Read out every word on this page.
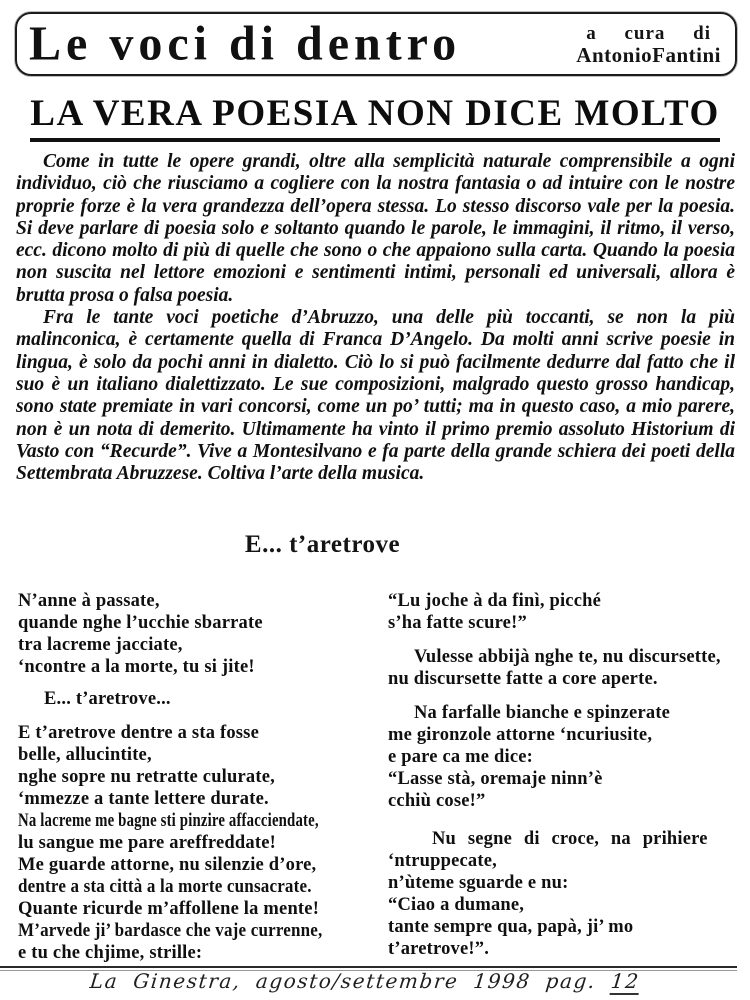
Le voci di dentro	a cura di
AntonioFantini
LA VERA POESIA NON DICE MOLTO

Come in tutte le opere grandi, oltre alla semplicità naturale comprensibile a ogni individuo, ciò che riusciamo a cogliere con la nostra fantasia o ad intuire con le nostre proprie forze è la vera grandezza dell’opera stessa. Lo stesso discorso vale per la poesia. Si deve parlare di poesia solo e soltanto quando le parole, le immagini, il ritmo, il verso, ecc. dicono molto di più di quelle che sono o che appaiono sulla carta. Quando la poesia non suscita nel lettore emozioni e sentimenti intimi, personali ed universali, allora è brutta prosa o falsa poesia.

Fra le tante voci poetiche d’Abruzzo, una delle più toccanti, se non la più malinconica, è certamente quella di Franca D’Angelo. Da molti anni scrive poesie in lingua, è solo da pochi anni in dialetto. Ciò lo si può facilmente dedurre dal fatto che il suo è un italiano dialettizzato. Le sue composizioni, malgrado questo grosso handicap, sono state premiate in vari concorsi, come un po’ tutti; ma in questo caso, a mio parere, non è un nota di demerito. Ultimamente ha vinto il primo premio assoluto Historium di Vasto con “Recurde”. Vive a Montesilvano e fa parte della grande schiera dei poeti della Settembrata Abruzzese. Coltiva l’arte della musica.

E... t’aretrove
N’anne à passate,
quande nghe l’ucchie sbarrate
tra lacreme jacciate,
‘ncontre a la morte, tu si jite!
E... t’aretrove...
E t’aretrove dentre a sta fosse
belle, allucintite,
nghe sopre nu retratte culurate,
‘mmezze a tante lettere durate.
Na lacreme me bagne sti pinzire affacciendate,
lu sangue me pare areffreddate!
Me guarde attorne, nu silenzie d’ore,
dentre a sta città a la morte cunsacrate.
Quante ricurde m’affollene la mente!
M’arvede ji’ bardasce che vaje currenne,
e tu che chjime, strille:
“Lu joche à da finì, picché
s’ha fatte scure!”
Vulesse abbijà nghe te, nu discursette,
nu discursette fatte a core aperte.
Na farfalle bianche e spinzerate
me gironzole attorne ‘ncuriusite,
e pare ca me dice:
“Lasse stà, oremaje ninn’è
cchiù cose!”
Nu segne di croce, na prihiere
‘ntruppecate,
n’ùteme sguarde e nu:
“Ciao a dumane,
tante sempre qua, papà, ji’ mo
t’aretrove!”.
La Ginestra, agosto/settembre 1998 pag. 12
